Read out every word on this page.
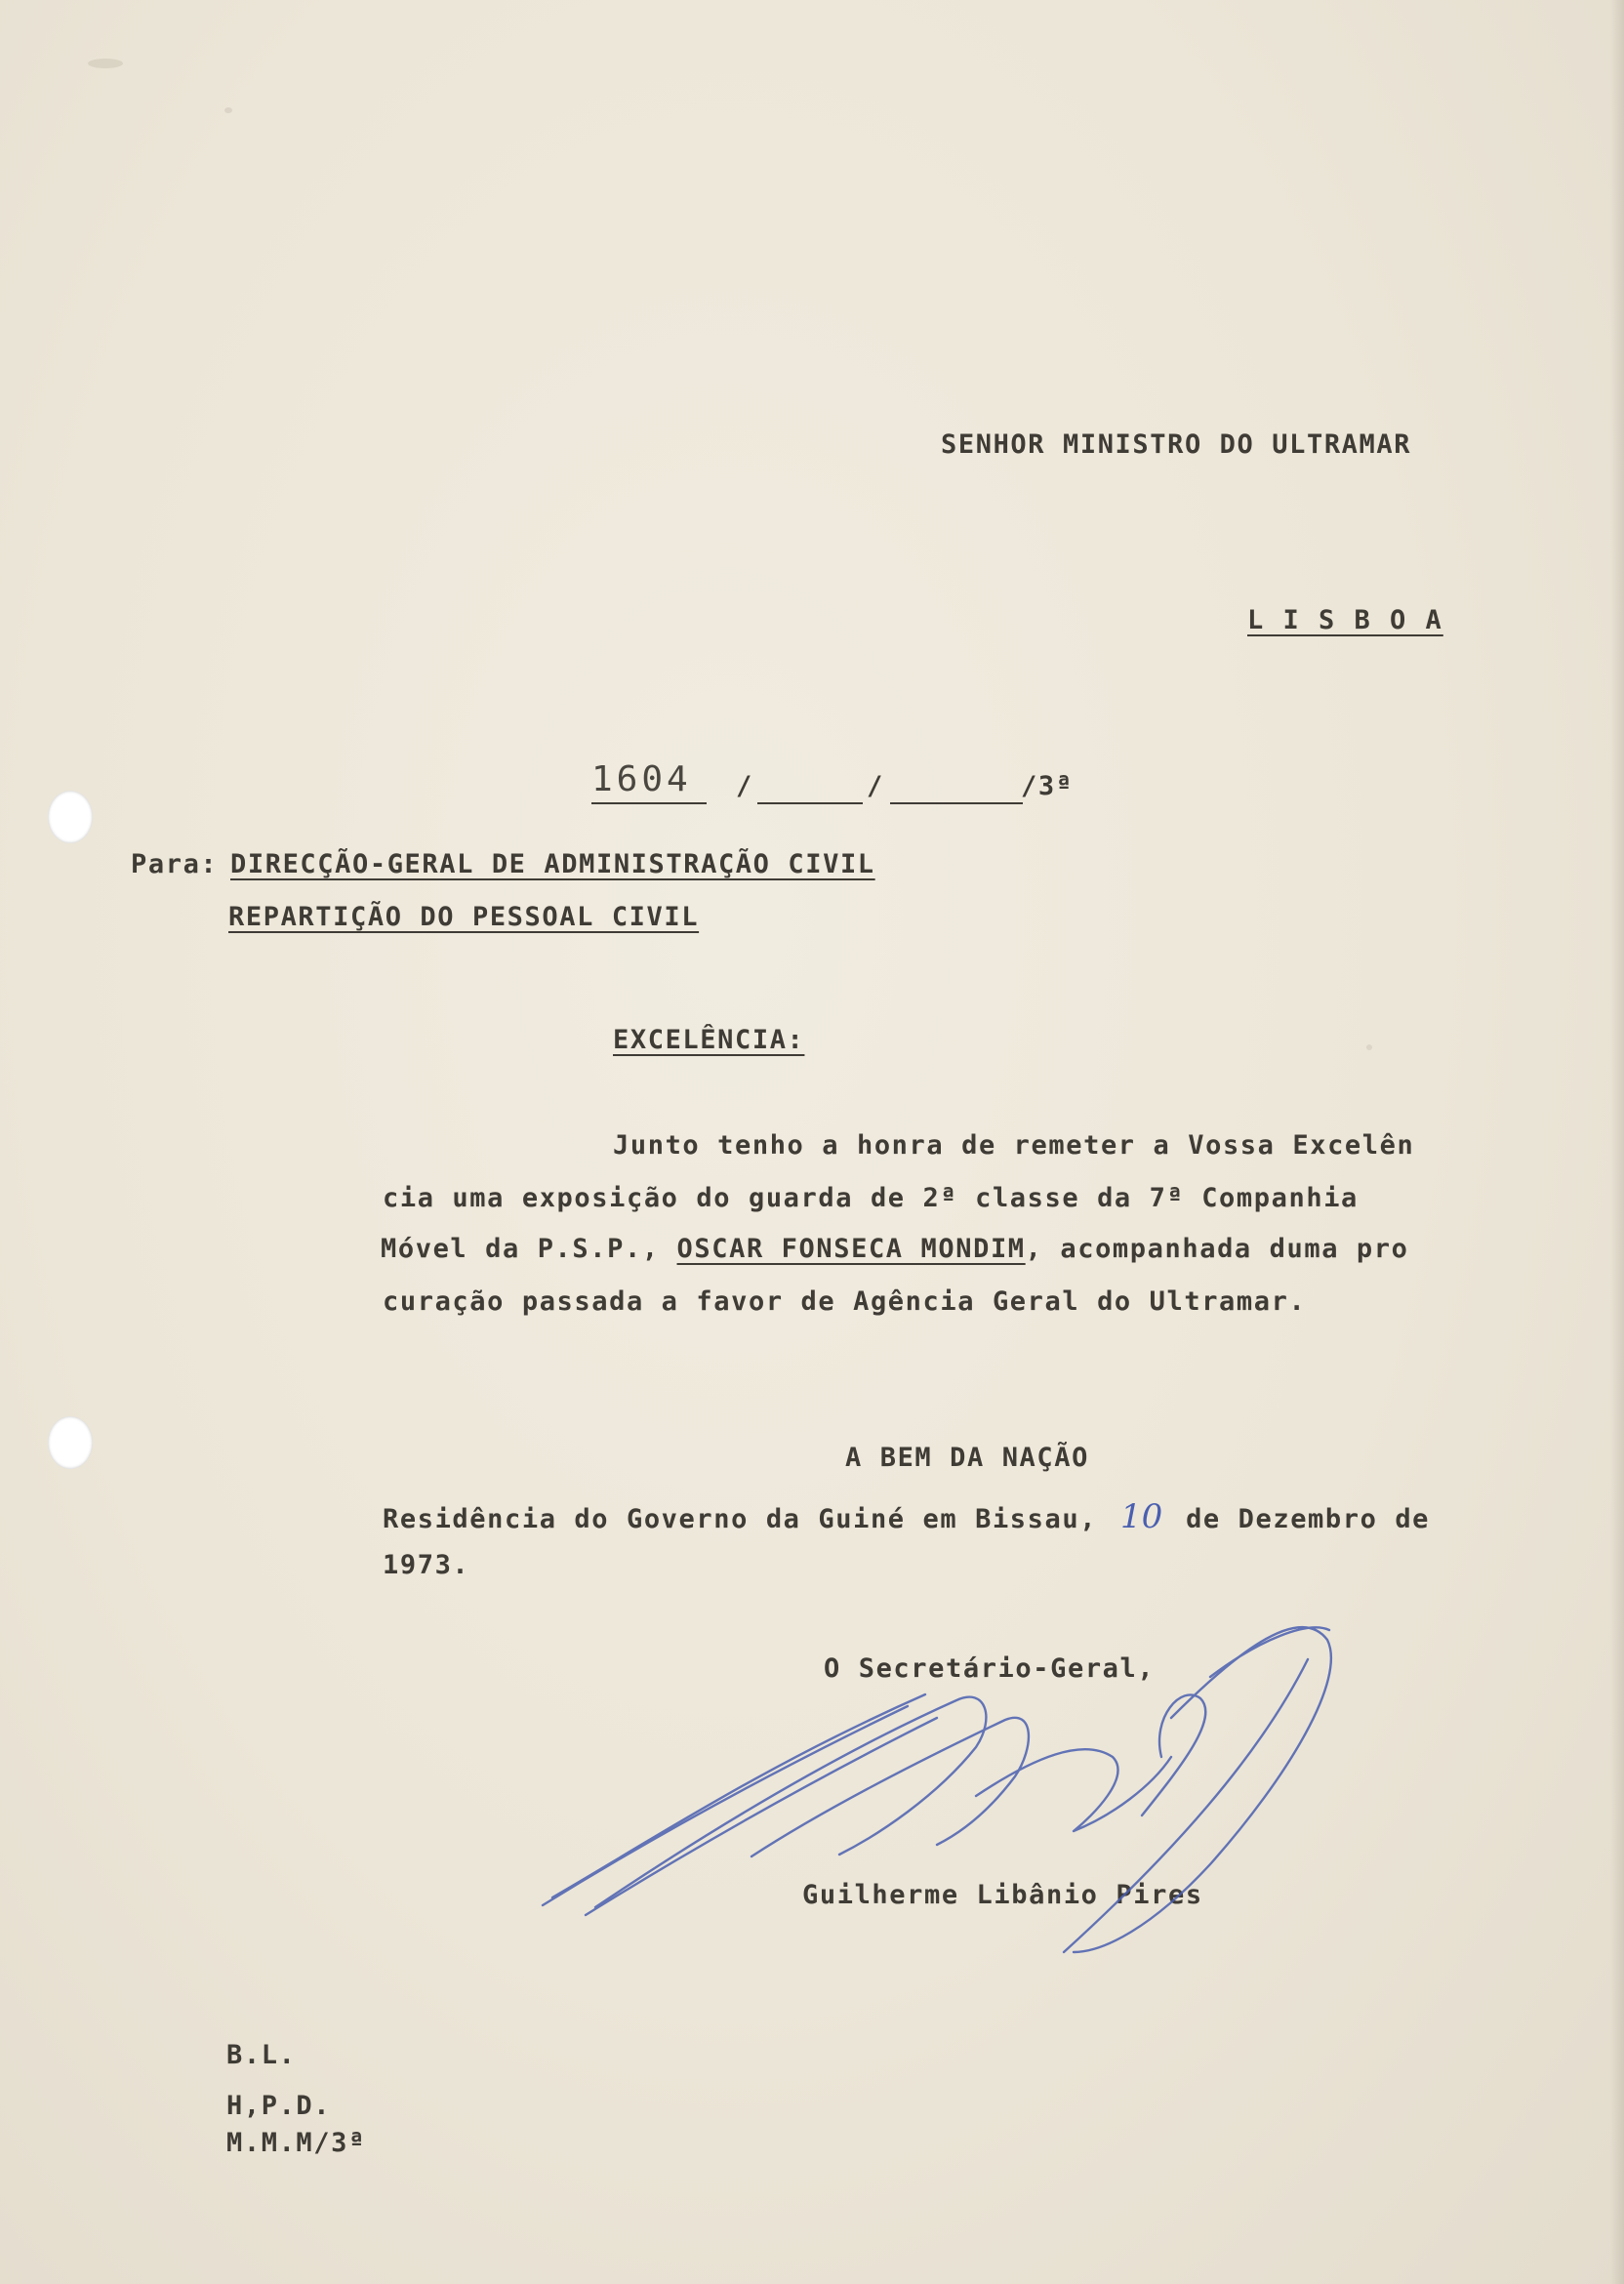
SENHOR MINISTRO DO ULTRAMAR
L I S B O A
1604 /	/	/3ª
Para: DIRECÇÃO-GERAL DE ADMINISTRAÇÃO CIVIL
REPARTIÇÃO DO PESSOAL CIVIL
EXCELÊNCIA:
Junto tenho a honra de remeter a Vossa Excelên
cia uma exposição do guarda de 2ª classe da 7ª Companhia
Móvel da P.S.P., OSCAR FONSECA MONDIM, acompanhada duma pro
curação passada a favor de Agência Geral do Ultramar.
A BEM DA NAÇÃO
Residência do Governo da Guiné em Bissau, 10 de Dezembro de
1973.
O Secretário-Geral,
Guilherme Libânio Pires
B.L.
H,P.D.
M.M.M/3ª
